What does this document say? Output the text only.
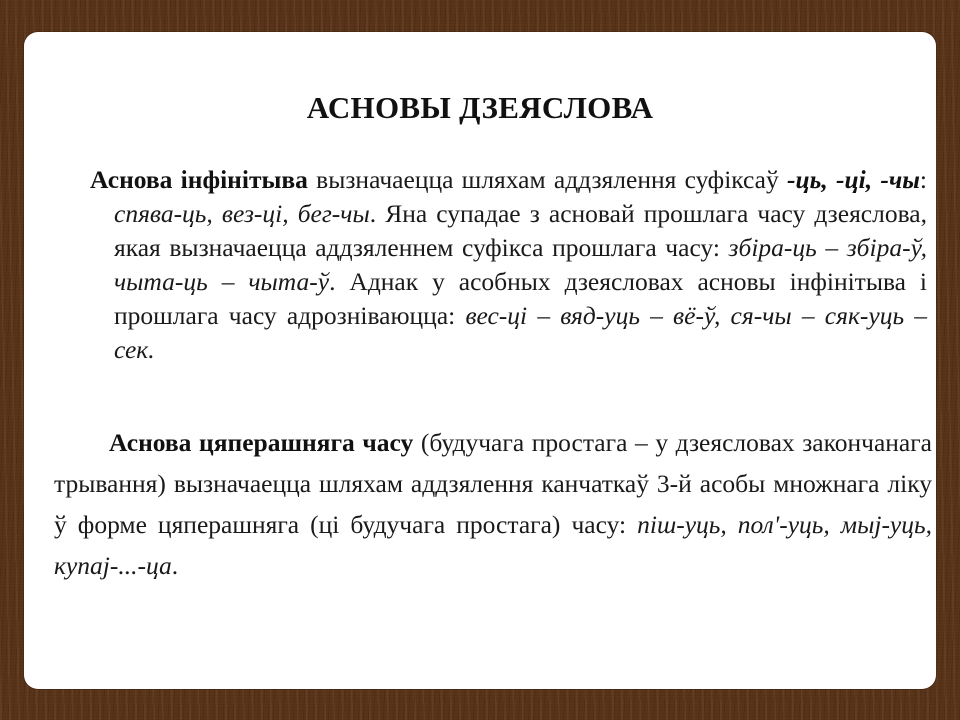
АСНОВЫ ДЗЕЯСЛОВА

Аснова інфінітыва вызначаецца шляхам аддзялення суфіксаў -ць, -ці, -чы: спява-ць, вез-ці, бег-чы. Яна супадае з асновай прошлага часу дзеяслова, якая вызначаецца аддзяленнем суфікса прошлага часу: збіра-ць – збіра-ў, чыта-ць – чыта-ў. Аднак у асобных дзеясловах асновы інфінітыва і прошлага часу адрозніваюцца: вес-ці – вяд-уць – вё-ў, ся-чы – сяк-уць – сек.

Аснова цяперашняга часу (будучага простага – у дзеясловах закончанага трывання) вызначаецца шляхам аддзялення канчаткаў 3-й асобы множнага ліку ў форме цяперашняга (ці будучага простага) часу: піш-уць, пол'-уць, мыј-уць, купај-...-ца.
